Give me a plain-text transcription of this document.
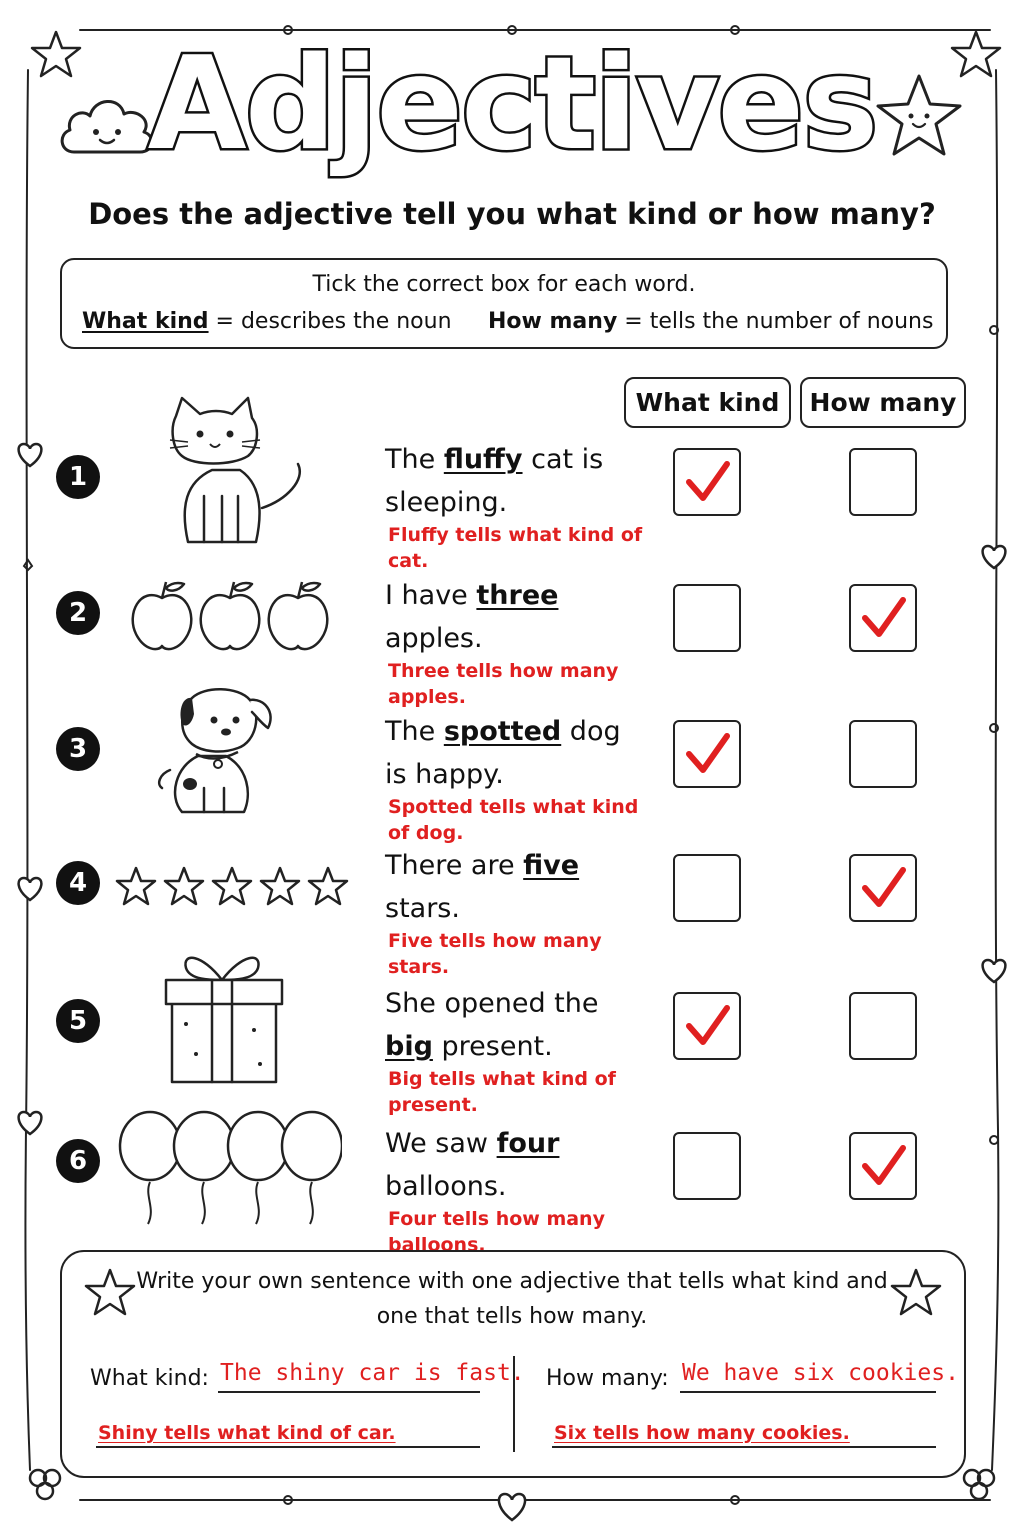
Adjectives
Does the adjective tell you what kind or how many?
Tick the correct box for each word.
What kind = describes the noun How many = tells the number of nouns
What kind	How many
1
The fluffy cat is
sleeping.
Fluffy tells what kind of cat.
2
I have three
apples.
Three tells how many apples.
3
The spotted dog
is happy.
Spotted tells what kind of dog.
4
There are five
stars.
Five tells how many stars.
5
She opened the
big present.
Big tells what kind of present.
6
We saw four
balloons.
Four tells how many balloons.
Write your own sentence with one adjective that tells what kind and one that tells how many.
What kind: The shiny car is fast.
Shiny tells what kind of car.
How many: We have six cookies.
Six tells how many cookies.
